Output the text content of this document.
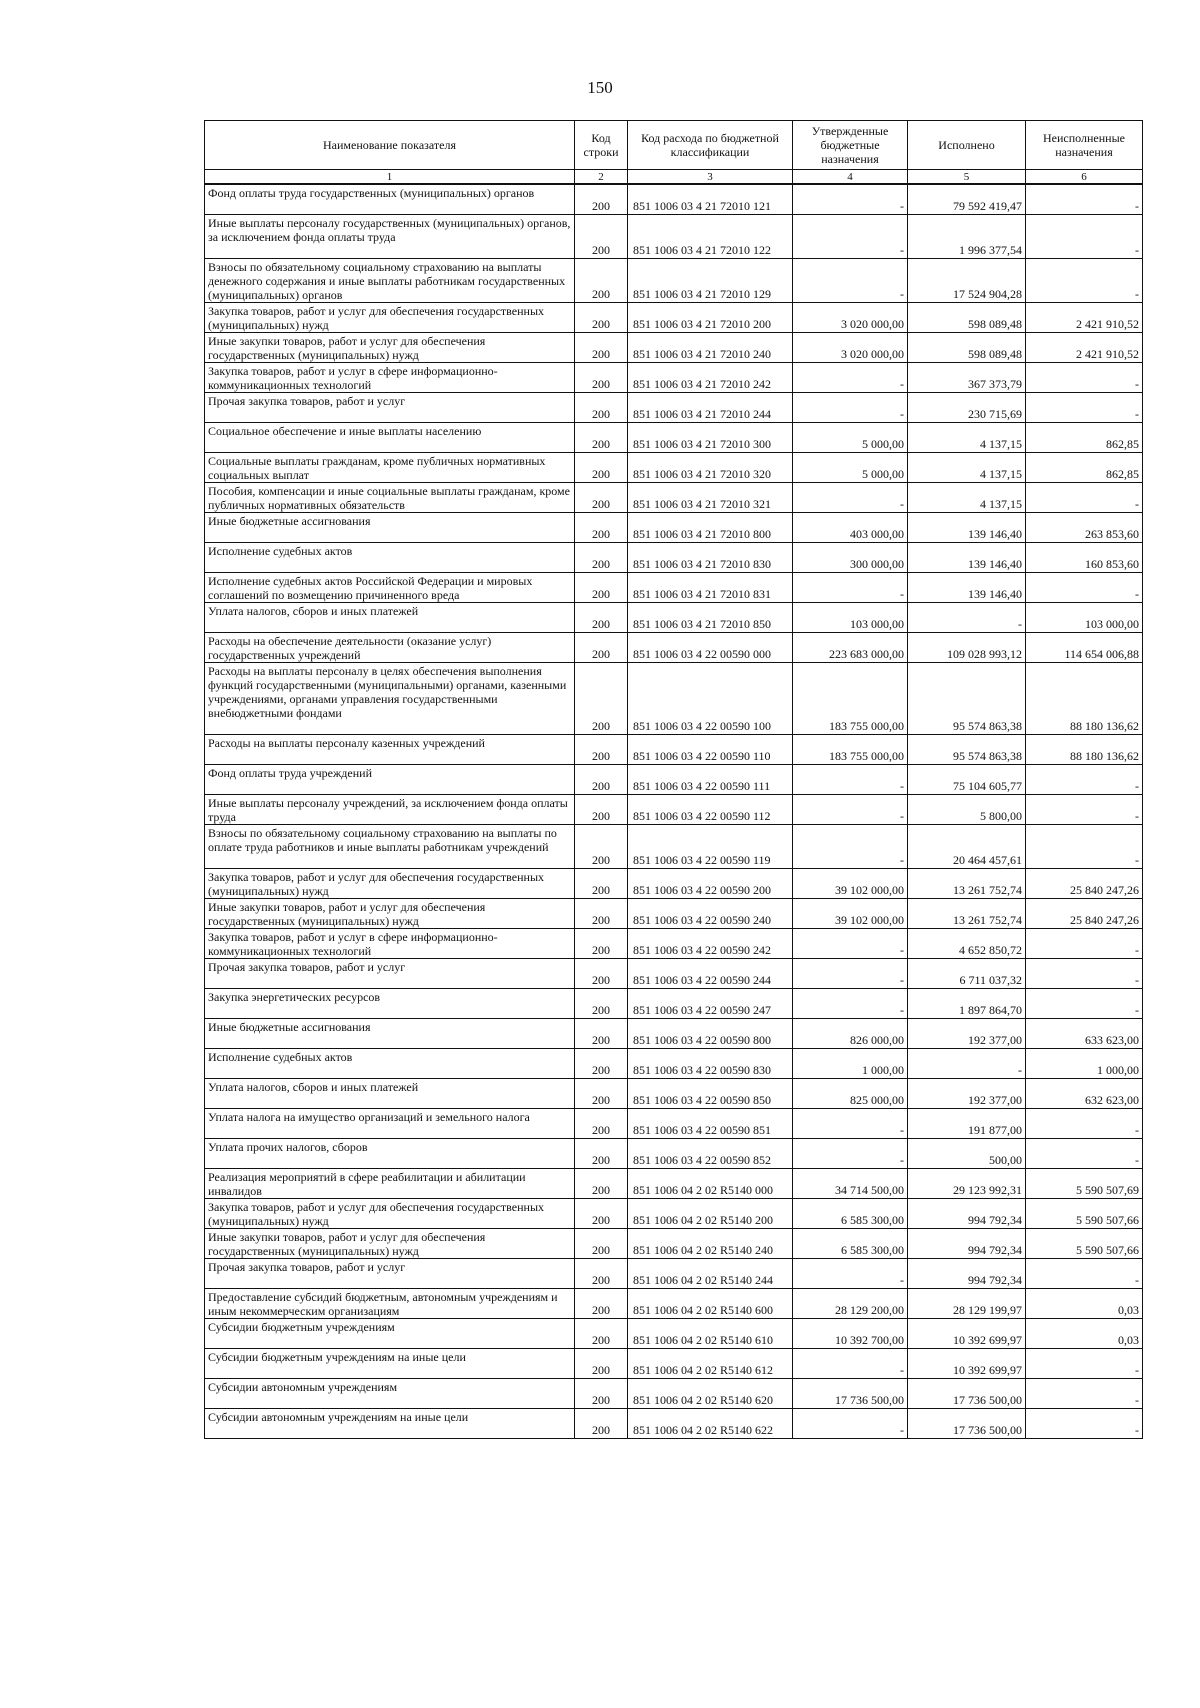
150
Наименование показателя	Код строки	Код расхода по бюджетной классификации	Утвержденные бюджетные назначения	Исполнено	Неисполненные назначения
1	2	3	4	5	6
Фонд оплаты труда государственных (муниципальных) органов	200	851 1006 03 4 21 72010 121	-	79 592 419,47	-
Иные выплаты персоналу государственных (муниципальных) органов, за исключением фонда оплаты труда	200	851 1006 03 4 21 72010 122	-	1 996 377,54	-
Взносы по обязательному социальному страхованию на выплаты денежного содержания и иные выплаты работникам государственных (муниципальных) органов	200	851 1006 03 4 21 72010 129	-	17 524 904,28	-
Закупка товаров, работ и услуг для обеспечения государственных (муниципальных) нужд	200	851 1006 03 4 21 72010 200	3 020 000,00	598 089,48	2 421 910,52
Иные закупки товаров, работ и услуг для обеспечения государственных (муниципальных) нужд	200	851 1006 03 4 21 72010 240	3 020 000,00	598 089,48	2 421 910,52
Закупка товаров, работ и услуг в сфере информационно-коммуникационных технологий	200	851 1006 03 4 21 72010 242	-	367 373,79	-
Прочая закупка товаров, работ и услуг	200	851 1006 03 4 21 72010 244	-	230 715,69	-
Социальное обеспечение и иные выплаты населению	200	851 1006 03 4 21 72010 300	5 000,00	4 137,15	862,85
Социальные выплаты гражданам, кроме публичных нормативных социальных выплат	200	851 1006 03 4 21 72010 320	5 000,00	4 137,15	862,85
Пособия, компенсации и иные социальные выплаты гражданам, кроме публичных нормативных обязательств	200	851 1006 03 4 21 72010 321	-	4 137,15	-
Иные бюджетные ассигнования	200	851 1006 03 4 21 72010 800	403 000,00	139 146,40	263 853,60
Исполнение судебных актов	200	851 1006 03 4 21 72010 830	300 000,00	139 146,40	160 853,60
Исполнение судебных актов Российской Федерации и мировых соглашений по возмещению причиненного вреда	200	851 1006 03 4 21 72010 831	-	139 146,40	-
Уплата налогов, сборов и иных платежей	200	851 1006 03 4 21 72010 850	103 000,00	-	103 000,00
Расходы на обеспечение деятельности (оказание услуг) государственных учреждений	200	851 1006 03 4 22 00590 000	223 683 000,00	109 028 993,12	114 654 006,88
Расходы на выплаты персоналу в целях обеспечения выполнения функций государственными (муниципальными) органами, казенными учреждениями, органами управления государственными внебюджетными фондами	200	851 1006 03 4 22 00590 100	183 755 000,00	95 574 863,38	88 180 136,62
Расходы на выплаты персоналу казенных учреждений	200	851 1006 03 4 22 00590 110	183 755 000,00	95 574 863,38	88 180 136,62
Фонд оплаты труда учреждений	200	851 1006 03 4 22 00590 111	-	75 104 605,77	-
Иные выплаты персоналу учреждений, за исключением фонда оплаты труда	200	851 1006 03 4 22 00590 112	-	5 800,00	-
Взносы по обязательному социальному страхованию на выплаты по оплате труда работников и иные выплаты работникам учреждений	200	851 1006 03 4 22 00590 119	-	20 464 457,61	-
Закупка товаров, работ и услуг для обеспечения государственных (муниципальных) нужд	200	851 1006 03 4 22 00590 200	39 102 000,00	13 261 752,74	25 840 247,26
Иные закупки товаров, работ и услуг для обеспечения государственных (муниципальных) нужд	200	851 1006 03 4 22 00590 240	39 102 000,00	13 261 752,74	25 840 247,26
Закупка товаров, работ и услуг в сфере информационно-коммуникационных технологий	200	851 1006 03 4 22 00590 242	-	4 652 850,72	-
Прочая закупка товаров, работ и услуг	200	851 1006 03 4 22 00590 244	-	6 711 037,32	-
Закупка энергетических ресурсов	200	851 1006 03 4 22 00590 247	-	1 897 864,70	-
Иные бюджетные ассигнования	200	851 1006 03 4 22 00590 800	826 000,00	192 377,00	633 623,00
Исполнение судебных актов	200	851 1006 03 4 22 00590 830	1 000,00	-	1 000,00
Уплата налогов, сборов и иных платежей	200	851 1006 03 4 22 00590 850	825 000,00	192 377,00	632 623,00
Уплата налога на имущество организаций и земельного налога	200	851 1006 03 4 22 00590 851	-	191 877,00	-
Уплата прочих налогов, сборов	200	851 1006 03 4 22 00590 852	-	500,00	-
Реализация мероприятий в сфере реабилитации и абилитации инвалидов	200	851 1006 04 2 02 R5140 000	34 714 500,00	29 123 992,31	5 590 507,69
Закупка товаров, работ и услуг для обеспечения государственных (муниципальных) нужд	200	851 1006 04 2 02 R5140 200	6 585 300,00	994 792,34	5 590 507,66
Иные закупки товаров, работ и услуг для обеспечения государственных (муниципальных) нужд	200	851 1006 04 2 02 R5140 240	6 585 300,00	994 792,34	5 590 507,66
Прочая закупка товаров, работ и услуг	200	851 1006 04 2 02 R5140 244	-	994 792,34	-
Предоставление субсидий бюджетным, автономным учреждениям и иным некоммерческим организациям	200	851 1006 04 2 02 R5140 600	28 129 200,00	28 129 199,97	0,03
Субсидии бюджетным учреждениям	200	851 1006 04 2 02 R5140 610	10 392 700,00	10 392 699,97	0,03
Субсидии бюджетным учреждениям на иные цели	200	851 1006 04 2 02 R5140 612	-	10 392 699,97	-
Субсидии автономным учреждениям	200	851 1006 04 2 02 R5140 620	17 736 500,00	17 736 500,00	-
Субсидии автономным учреждениям на иные цели	200	851 1006 04 2 02 R5140 622	-	17 736 500,00	-
